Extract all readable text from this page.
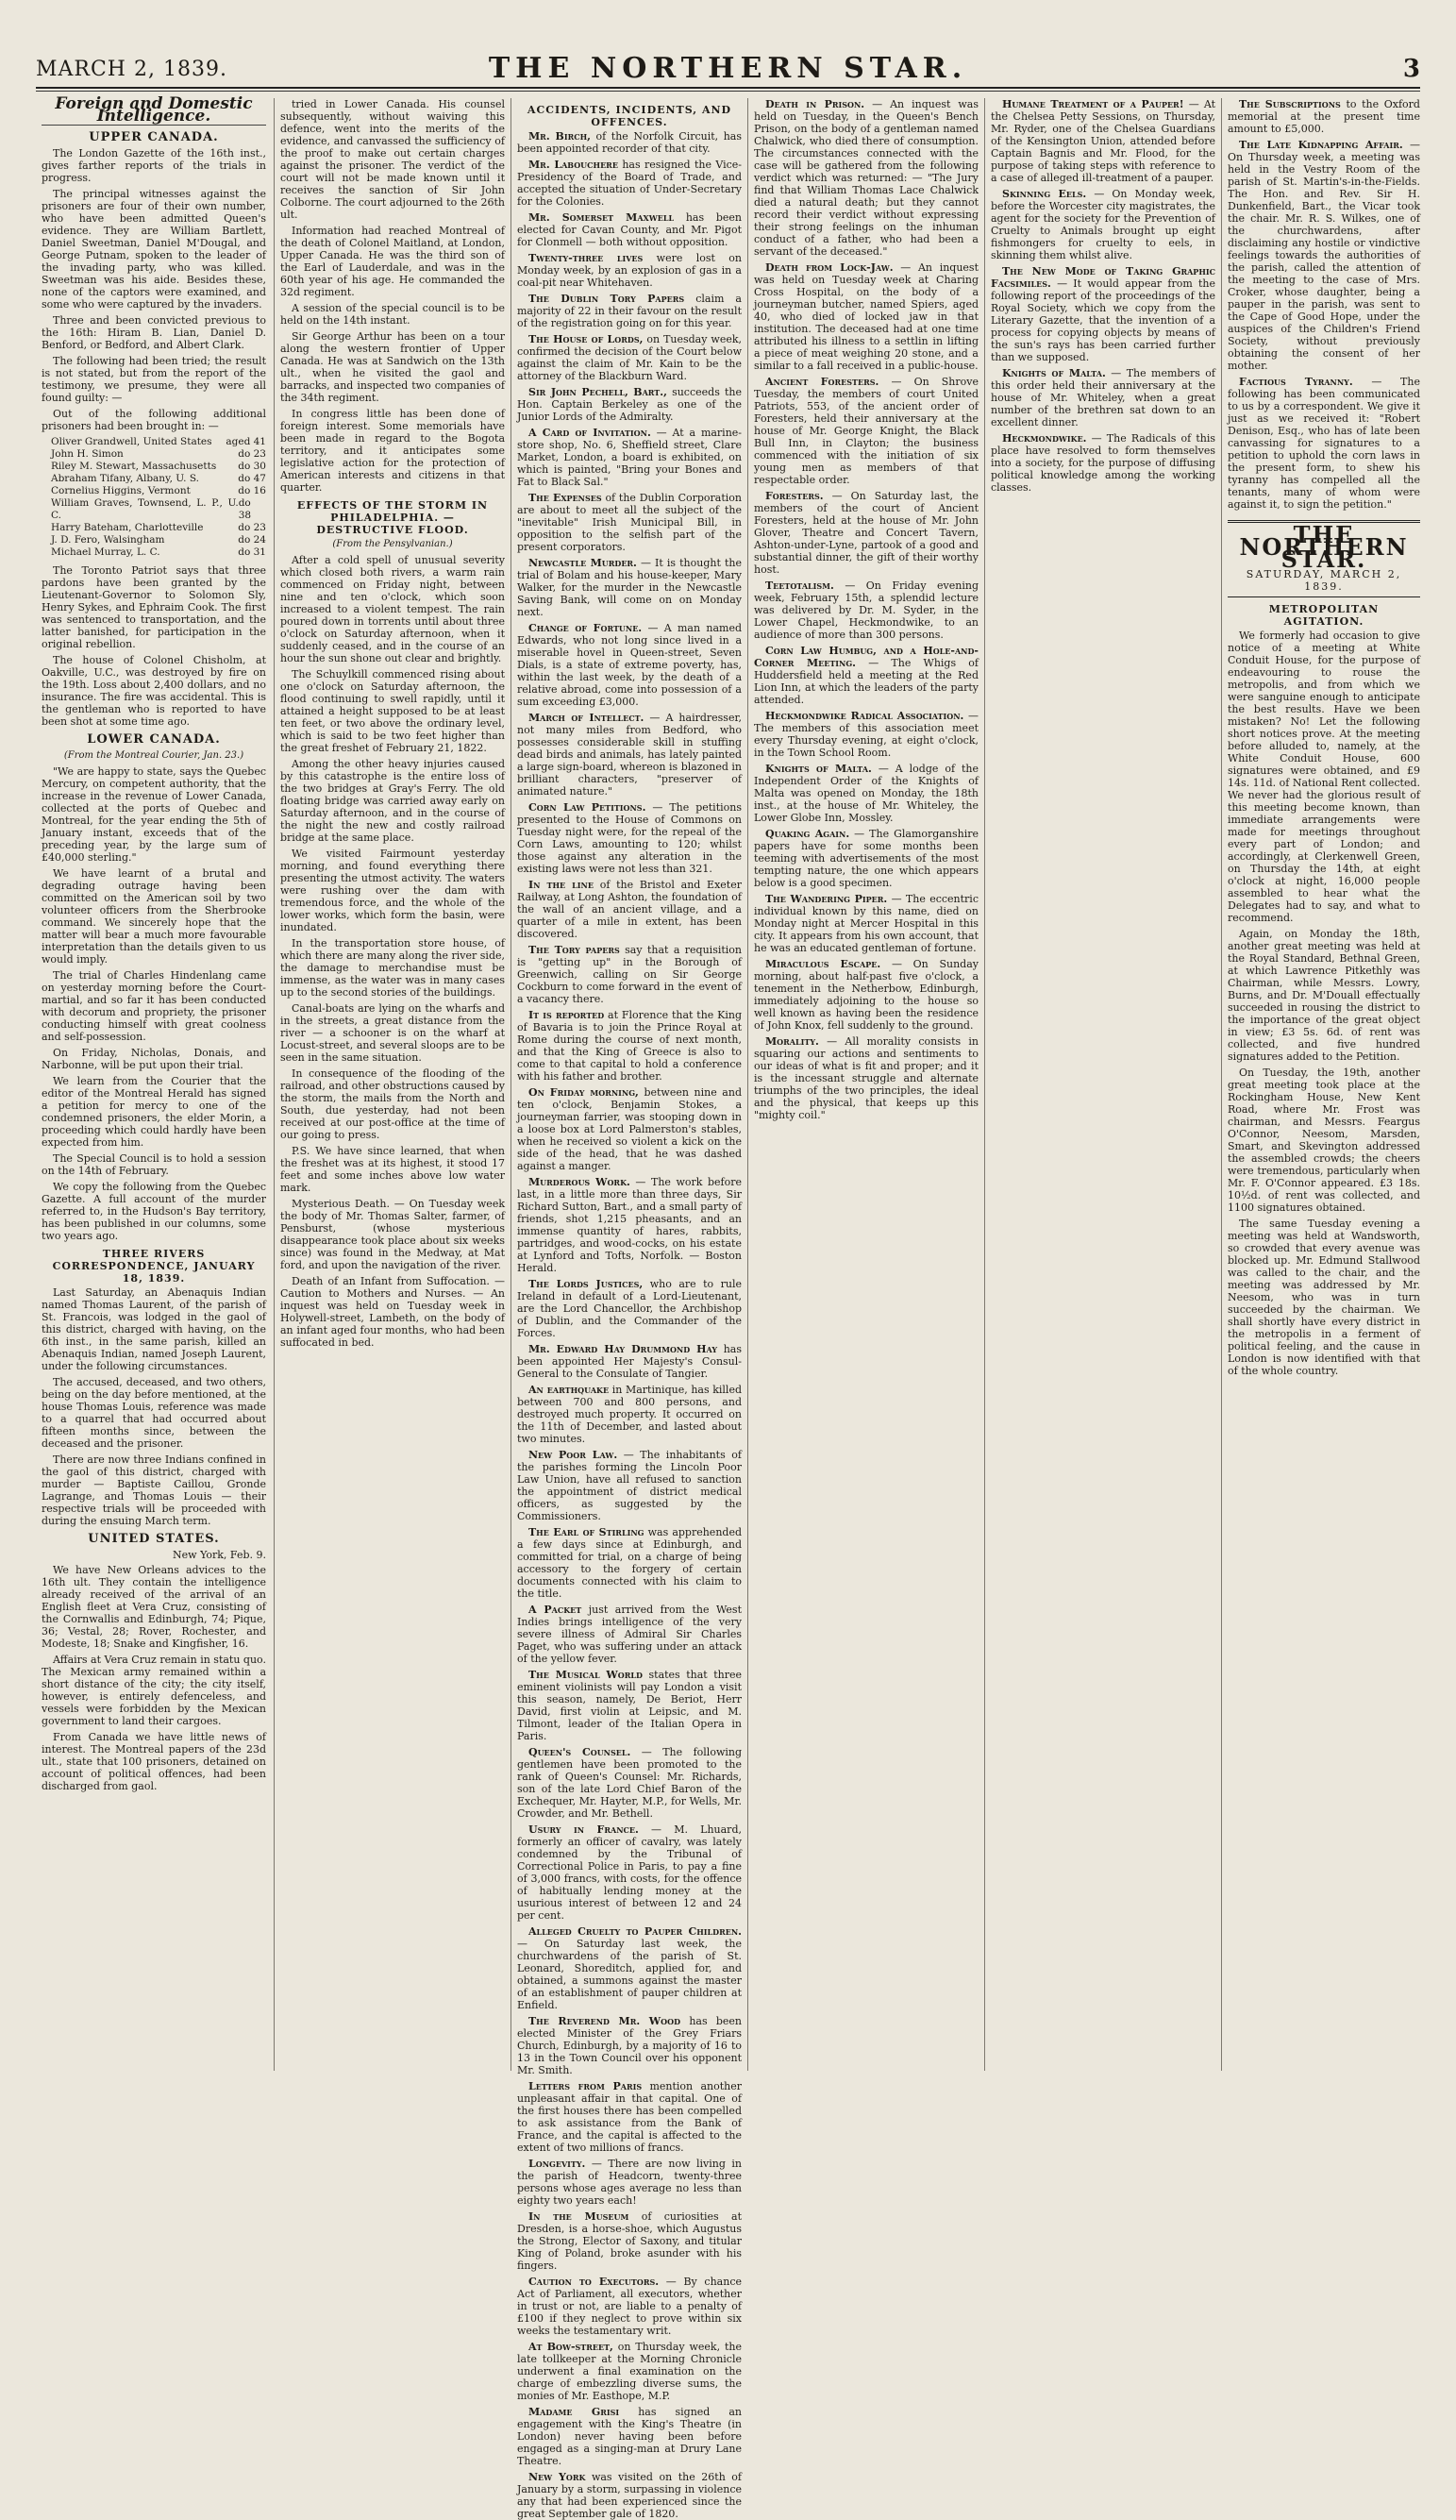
MARCH 2, 1839.	THE NORTHERN STAR.	3
Foreign and Domestic Intelligence.
UPPER CANADA.

The London Gazette of the 16th inst., gives farther reports of the trials in progress.

The principal witnesses against the prisoners are four of their own number, who have been admitted Queen's evidence. They are William Bartlett, Daniel Sweetman, Daniel M'Dougal, and George Putnam, spoken to the leader of the invading party, who was killed. Sweetman was his aide. Besides these, none of the captors were examined, and some who were captured by the invaders.

Three and been convicted previous to the 16th: Hiram B. Lian, Daniel D. Benford, or Bedford, and Albert Clark.

The following had been tried; the result is not stated, but from the report of the testimony, we presume, they were all found guilty: —

Out of the following additional prisoners had been brought in: —

Oliver Grandwell, United States aged 41
John H. Simon	do 23
Riley M. Stewart, Massachusetts do 30
Abraham Tifany, Albany, U. S.	do 47
Cornelius Higgins, Vermont	do 16
William Graves, Townsend, L. P., U. C.
do 38
Harry Bateham, Charlotteville	do 23
J. D. Fero, Walsingham	do 24
Michael Murray, L. C.	do 31

The Toronto Patriot says that three pardons have been granted by the Lieutenant-Governor to Solomon Sly, Henry Sykes, and Ephraim Cook. The first was sentenced to transportation, and the latter banished, for participation in the original rebellion.

The house of Colonel Chisholm, at Oakville, U.C., was destroyed by fire on the 19th. Loss about 2,400 dollars, and no insurance. The fire was accidental. This is the gentleman who is reported to have been shot at some time ago.

LOWER CANADA.
(From the Montreal Courier, Jan. 23.)

"We are happy to state, says the Quebec Mercury, on competent authority, that the increase in the revenue of Lower Canada, collected at the ports of Quebec and Montreal, for the year ending the 5th of January instant, exceeds that of the preceding year, by the large sum of £40,000 sterling."

We have learnt of a brutal and degrading outrage having been committed on the American soil by two volunteer officers from the Sherbrooke command. We sincerely hope that the matter will bear a much more favourable interpretation than the details given to us would imply.

The trial of Charles Hindenlang came on yesterday morning before the Court-martial, and so far it has been conducted with decorum and propriety, the prisoner conducting himself with great coolness and self-possession.

On Friday, Nicholas, Donais, and Narbonne, will be put upon their trial.

We learn from the Courier that the editor of the Montreal Herald has signed a petition for mercy to one of the condemned prisoners, the elder Morin, a proceeding which could hardly have been expected from him.

The Special Council is to hold a session on the 14th of February.

We copy the following from the Quebec Gazette. A full account of the murder referred to, in the Hudson's Bay territory, has been published in our columns, some two years ago.

THREE RIVERS CORRESPONDENCE, JANUARY 18, 1839.

Last Saturday, an Abenaquis Indian named Thomas Laurent, of the parish of St. Francois, was lodged in the gaol of this district, charged with having, on the 6th inst., in the same parish, killed an Abenaquis Indian, named Joseph Laurent, under the following circumstances.

The accused, deceased, and two others, being on the day before mentioned, at the house Thomas Louis, reference was made to a quarrel that had occurred about fifteen months since, between the deceased and the prisoner.

There are now three Indians confined in the gaol of this district, charged with murder — Baptiste Caillou, Gronde Lagrange, and Thomas Louis — their respective trials will be proceeded with during the ensuing March term.

UNITED STATES.
New York, Feb. 9.

We have New Orleans advices to the 16th ult. They contain the intelligence already received of the arrival of an English fleet at Vera Cruz, consisting of the Cornwallis and Edinburgh, 74; Pique, 36; Vestal, 28; Rover, Rochester, and Modeste, 18; Snake and Kingfisher, 16.

Affairs at Vera Cruz remain in statu quo. The Mexican army remained within a short distance of the city; the city itself, however, is entirely defenceless, and vessels were forbidden by the Mexican government to land their cargoes.

From Canada we have little news of interest. The Montreal papers of the 23d ult., state that 100 prisoners, detained on account of political offences, had been discharged from gaol.

tried in Lower Canada. His counsel subsequently, without waiving this defence, went into the merits of the evidence, and canvassed the sufficiency of the proof to make out certain charges against the prisoner. The verdict of the court will not be made known until it receives the sanction of Sir John Colborne. The court adjourned to the 26th ult.

Information had reached Montreal of the death of Colonel Maitland, at London, Upper Canada. He was the third son of the Earl of Lauderdale, and was in the 60th year of his age. He commanded the 32d regiment.

A session of the special council is to be held on the 14th instant.

Sir George Arthur has been on a tour along the western frontier of Upper Canada. He was at Sandwich on the 13th ult., when he visited the gaol and barracks, and inspected two companies of the 34th regiment.

In congress little has been done of foreign interest. Some memorials have been made in regard to the Bogota territory, and it anticipates some legislative action for the protection of American interests and citizens in that quarter.

EFFECTS OF THE STORM IN PHILADELPHIA. — DESTRUCTIVE FLOOD.
(From the Pensylvanian.)

After a cold spell of unusual severity which closed both rivers, a warm rain commenced on Friday night, between nine and ten o'clock, which soon increased to a violent tempest. The rain poured down in torrents until about three o'clock on Saturday afternoon, when it suddenly ceased, and in the course of an hour the sun shone out clear and brightly.

The Schuylkill commenced rising about one o'clock on Saturday afternoon, the flood continuing to swell rapidly, until it attained a height supposed to be at least ten feet, or two above the ordinary level, which is said to be two feet higher than the great freshet of February 21, 1822.

Among the other heavy injuries caused by this catastrophe is the entire loss of the two bridges at Gray's Ferry. The old floating bridge was carried away early on Saturday afternoon, and in the course of the night the new and costly railroad bridge at the same place.

We visited Fairmount yesterday morning, and found everything there presenting the utmost activity. The waters were rushing over the dam with tremendous force, and the whole of the lower works, which form the basin, were inundated.

In the transportation store house, of which there are many along the river side, the damage to merchandise must be immense, as the water was in many cases up to the second stories of the buildings.

Canal-boats are lying on the wharfs and in the streets, a great distance from the river — a schooner is on the wharf at Locust-street, and several sloops are to be seen in the same situation.

In consequence of the flooding of the railroad, and other obstructions caused by the storm, the mails from the North and South, due yesterday, had not been received at our post-office at the time of our going to press.

P.S. We have since learned, that when the freshet was at its highest, it stood 17 feet and some inches above low water mark.

Mysterious Death. — On Tuesday week the body of Mr. Thomas Salter, farmer, of Pensburst, (whose mysterious disappearance took place about six weeks since) was found in the Medway, at Mat ford, and upon the navigation of the river.

Death of an Infant from Suffocation. — Caution to Mothers and Nurses. — An inquest was held on Tuesday week in Holywell-street, Lambeth, on the body of an infant aged four months, who had been suffocated in bed.

ACCIDENTS, INCIDENTS, AND OFFENCES.

Mr. Birch, of the Norfolk Circuit, has been appointed recorder of that city.

Mr. Labouchere has resigned the Vice-Presidency of the Board of Trade, and accepted the situation of Under-Secretary for the Colonies.

Mr. Somerset Maxwell has been elected for Cavan County, and Mr. Pigot for Clonmell — both without opposition.

Twenty-three lives were lost on Monday week, by an explosion of gas in a coal-pit near Whitehaven.

The Dublin Tory Papers claim a majority of 22 in their favour on the result of the registration going on for this year.

The House of Lords, on Tuesday week, confirmed the decision of the Court below against the claim of Mr. Kain to be the attorney of the Blackburn Ward.

Sir John Pechell, Bart., succeeds the Hon. Captain Berkeley as one of the Junior Lords of the Admiralty.

A Card of Invitation. — At a marine-store shop, No. 6, Sheffield street, Clare Market, London, a board is exhibited, on which is painted, "Bring your Bones and Fat to Black Sal."

The Expenses of the Dublin Corporation are about to meet all the subject of the "inevitable" Irish Municipal Bill, in opposition to the selfish part of the present corporators.

Newcastle Murder. — It is thought the trial of Bolam and his house-keeper, Mary Walker, for the murder in the Newcastle Saving Bank, will come on on Monday next.

Change of Fortune. — A man named Edwards, who not long since lived in a miserable hovel in Queen-street, Seven Dials, is a state of extreme poverty, has, within the last week, by the death of a relative abroad, come into possession of a sum exceeding £3,000.

March of Intellect. — A hairdresser, not many miles from Bedford, who possesses considerable skill in stuffing dead birds and animals, has lately painted a large sign-board, whereon is blazoned in brilliant characters, "preserver of animated nature."

Corn Law Petitions. — The petitions presented to the House of Commons on Tuesday night were, for the repeal of the Corn Laws, amounting to 120; whilst those against any alteration in the existing laws were not less than 321.

In the line of the Bristol and Exeter Railway, at Long Ashton, the foundation of the wall of an ancient village, and a quarter of a mile in extent, has been discovered.

The Tory papers say that a requisition is "getting up" in the Borough of Greenwich, calling on Sir George Cockburn to come forward in the event of a vacancy there.

It is reported at Florence that the King of Bavaria is to join the Prince Royal at Rome during the course of next month, and that the King of Greece is also to come to that capital to hold a conference with his father and brother.

On Friday morning, between nine and ten o'clock, Benjamin Stokes, a journeyman farrier, was stooping down in a loose box at Lord Palmerston's stables, when he received so violent a kick on the side of the head, that he was dashed against a manger.

Murderous Work. — The work before last, in a little more than three days, Sir Richard Sutton, Bart., and a small party of friends, shot 1,215 pheasants, and an immense quantity of hares, rabbits, partridges, and wood-cocks, on his estate at Lynford and Tofts, Norfolk. — Boston Herald.

The Lords Justices, who are to rule Ireland in default of a Lord-Lieutenant, are the Lord Chancellor, the Archbishop of Dublin, and the Commander of the Forces.

Mr. Edward Hay Drummond Hay has been appointed Her Majesty's Consul-General to the Consulate of Tangier.

An earthquake in Martinique, has killed between 700 and 800 persons, and destroyed much property. It occurred on the 11th of December, and lasted about two minutes.

New Poor Law. — The inhabitants of the parishes forming the Lincoln Poor Law Union, have all refused to sanction the appointment of district medical officers, as suggested by the Commissioners.

The Earl of Stirling was apprehended a few days since at Edinburgh, and committed for trial, on a charge of being accessory to the forgery of certain documents connected with his claim to the title.

A Packet just arrived from the West Indies brings intelligence of the very severe illness of Admiral Sir Charles Paget, who was suffering under an attack of the yellow fever.

The Musical World states that three eminent violinists will pay London a visit this season, namely, De Beriot, Herr David, first violin at Leipsic, and M. Tilmont, leader of the Italian Opera in Paris.

Queen's Counsel. — The following gentlemen have been promoted to the rank of Queen's Counsel: Mr. Richards, son of the late Lord Chief Baron of the Exchequer, Mr. Hayter, M.P., for Wells, Mr. Crowder, and Mr. Bethell.

Usury in France. — M. Lhuard, formerly an officer of cavalry, was lately condemned by the Tribunal of Correctional Police in Paris, to pay a fine of 3,000 francs, with costs, for the offence of habitually lending money at the usurious interest of between 12 and 24 per cent.

Alleged Cruelty to Pauper Children. — On Saturday last week, the churchwardens of the parish of St. Leonard, Shoreditch, applied for, and obtained, a summons against the master of an establishment of pauper children at Enfield.

The Reverend Mr. Wood has been elected Minister of the Grey Friars Church, Edinburgh, by a majority of 16 to 13 in the Town Council over his opponent Mr. Smith.

Letters from Paris mention another unpleasant affair in that capital. One of the first houses there has been compelled to ask assistance from the Bank of France, and the capital is affected to the extent of two millions of francs.

Longevity. — There are now living in the parish of Headcorn, twenty-three persons whose ages average no less than eighty two years each!

In the Museum of curiosities at Dresden, is a horse-shoe, which Augustus the Strong, Elector of Saxony, and titular King of Poland, broke asunder with his fingers.

Caution to Executors. — By chance Act of Parliament, all executors, whether in trust or not, are liable to a penalty of £100 if they neglect to prove within six weeks the testamentary writ.

At Bow-street, on Thursday week, the late tollkeeper at the Morning Chronicle underwent a final examination on the charge of embezzling diverse sums, the monies of Mr. Easthope, M.P.

Madame Grisi has signed an engagement with the King's Theatre (in London) never having been before engaged as a singing-man at Drury Lane Theatre.

New York was visited on the 26th of January by a storm, surpassing in violence any that had been experienced since the great September gale of 1820.

Death in Prison. — An inquest was held on Tuesday, in the Queen's Bench Prison, on the body of a gentleman named Chalwick, who died there of consumption. The circumstances connected with the case will be gathered from the following verdict which was returned: — "The Jury find that William Thomas Lace Chalwick died a natural death; but they cannot record their verdict without expressing their strong feelings on the inhuman conduct of a father, who had been a servant of the deceased."

Death from Lock-Jaw. — An inquest was held on Tuesday week at Charing Cross Hospital, on the body of a journeyman butcher, named Spiers, aged 40, who died of locked jaw in that institution. The deceased had at one time attributed his illness to a settlin in lifting a piece of meat weighing 20 stone, and a similar to a fall received in a public-house.

Ancient Foresters. — On Shrove Tuesday, the members of court United Patriots, 553, of the ancient order of Foresters, held their anniversary at the house of Mr. George Knight, the Black Bull Inn, in Clayton; the business commenced with the initiation of six young men as members of that respectable order.

Foresters. — On Saturday last, the members of the court of Ancient Foresters, held at the house of Mr. John Glover, Theatre and Concert Tavern, Ashton-under-Lyne, partook of a good and substantial dinner, the gift of their worthy host.

Teetotalism. — On Friday evening week, February 15th, a splendid lecture was delivered by Dr. M. Syder, in the Lower Chapel, Heckmondwike, to an audience of more than 300 persons.

Corn Law Humbug, and a Hole-and-Corner Meeting. — The Whigs of Huddersfield held a meeting at the Red Lion Inn, at which the leaders of the party attended.

Heckmondwike Radical Association. — The members of this association meet every Thursday evening, at eight o'clock, in the Town School Room.

Knights of Malta. — A lodge of the Independent Order of the Knights of Malta was opened on Monday, the 18th inst., at the house of Mr. Whiteley, the Lower Globe Inn, Mossley.

Quaking Again. — The Glamorganshire papers have for some months been teeming with advertisements of the most tempting nature, the one which appears below is a good specimen.

The Wandering Piper. — The eccentric individual known by this name, died on Monday night at Mercer Hospital in this city. It appears from his own account, that he was an educated gentleman of fortune.

Miraculous Escape. — On Sunday morning, about half-past five o'clock, a tenement in the Netherbow, Edinburgh, immediately adjoining to the house so well known as having been the residence of John Knox, fell suddenly to the ground.

Morality. — All morality consists in squaring our actions and sentiments to our ideas of what is fit and proper; and it is the incessant struggle and alternate triumphs of the two principles, the ideal and the physical, that keeps up this "mighty coil."

Humane Treatment of a Pauper! — At the Chelsea Petty Sessions, on Thursday, Mr. Ryder, one of the Chelsea Guardians of the Kensington Union, attended before Captain Bagnis and Mr. Flood, for the purpose of taking steps with reference to a case of alleged ill-treatment of a pauper.

Skinning Eels. — On Monday week, before the Worcester city magistrates, the agent for the society for the Prevention of Cruelty to Animals brought up eight fishmongers for cruelty to eels, in skinning them whilst alive.

The New Mode of Taking Graphic Facsimiles. — It would appear from the following report of the proceedings of the Royal Society, which we copy from the Literary Gazette, that the invention of a process for copying objects by means of the sun's rays has been carried further than we supposed.

Knights of Malta. — The members of this order held their anniversary at the house of Mr. Whiteley, when a great number of the brethren sat down to an excellent dinner.

Heckmondwike. — The Radicals of this place have resolved to form themselves into a society, for the purpose of diffusing political knowledge among the working classes.

The Subscriptions to the Oxford memorial at the present time amount to £5,000.

The Late Kidnapping Affair. — On Thursday week, a meeting was held in the Vestry Room of the parish of St. Martin's-in-the-Fields. The Hon. and Rev. Sir H. Dunkenfield, Bart., the Vicar took the chair. Mr. R. S. Wilkes, one of the churchwardens, after disclaiming any hostile or vindictive feelings towards the authorities of the parish, called the attention of the meeting to the case of Mrs. Croker, whose daughter, being a pauper in the parish, was sent to the Cape of Good Hope, under the auspices of the Children's Friend Society, without previously obtaining the consent of her mother.

Factious Tyranny. — The following has been communicated to us by a correspondent. We give it just as we received it: "Robert Denison, Esq., who has of late been canvassing for signatures to a petition to uphold the corn laws in the present form, to shew his tyranny has compelled all the tenants, many of whom were against it, to sign the petition."

THE NORTHERN STAR.
SATURDAY, MARCH 2, 1839.
METROPOLITAN AGITATION.

We formerly had occasion to give notice of a meeting at White Conduit House, for the purpose of endeavouring to rouse the metropolis, and from which we were sanguine enough to anticipate the best results. Have we been mistaken? No! Let the following short notices prove. At the meeting before alluded to, namely, at the White Conduit House, 600 signatures were obtained, and £9 14s. 11d. of National Rent collected. We never had the glorious result of this meeting become known, than immediate arrangements were made for meetings throughout every part of London; and accordingly, at Clerkenwell Green, on Thursday the 14th, at eight o'clock at night, 16,000 people assembled to hear what the Delegates had to say, and what to recommend.

Again, on Monday the 18th, another great meeting was held at the Royal Standard, Bethnal Green, at which Lawrence Pitkethly was Chairman, while Messrs. Lowry, Burns, and Dr. M'Douall effectually succeeded in rousing the district to the importance of the great object in view; £3 5s. 6d. of rent was collected, and five hundred signatures added to the Petition.

On Tuesday, the 19th, another great meeting took place at the Rockingham House, New Kent Road, where Mr. Frost was chairman, and Messrs. Feargus O'Connor, Neesom, Marsden, Smart, and Skevington addressed the assembled crowds; the cheers were tremendous, particularly when Mr. F. O'Connor appeared. £3 18s. 10½d. of rent was collected, and 1100 signatures obtained.

The same Tuesday evening a meeting was held at Wandsworth, so crowded that every avenue was blocked up. Mr. Edmund Stallwood was called to the chair, and the meeting was addressed by Mr. Neesom, who was in turn succeeded by the chairman. We shall shortly have every district in the metropolis in a ferment of political feeling, and the cause in London is now identified with that of the whole country.
